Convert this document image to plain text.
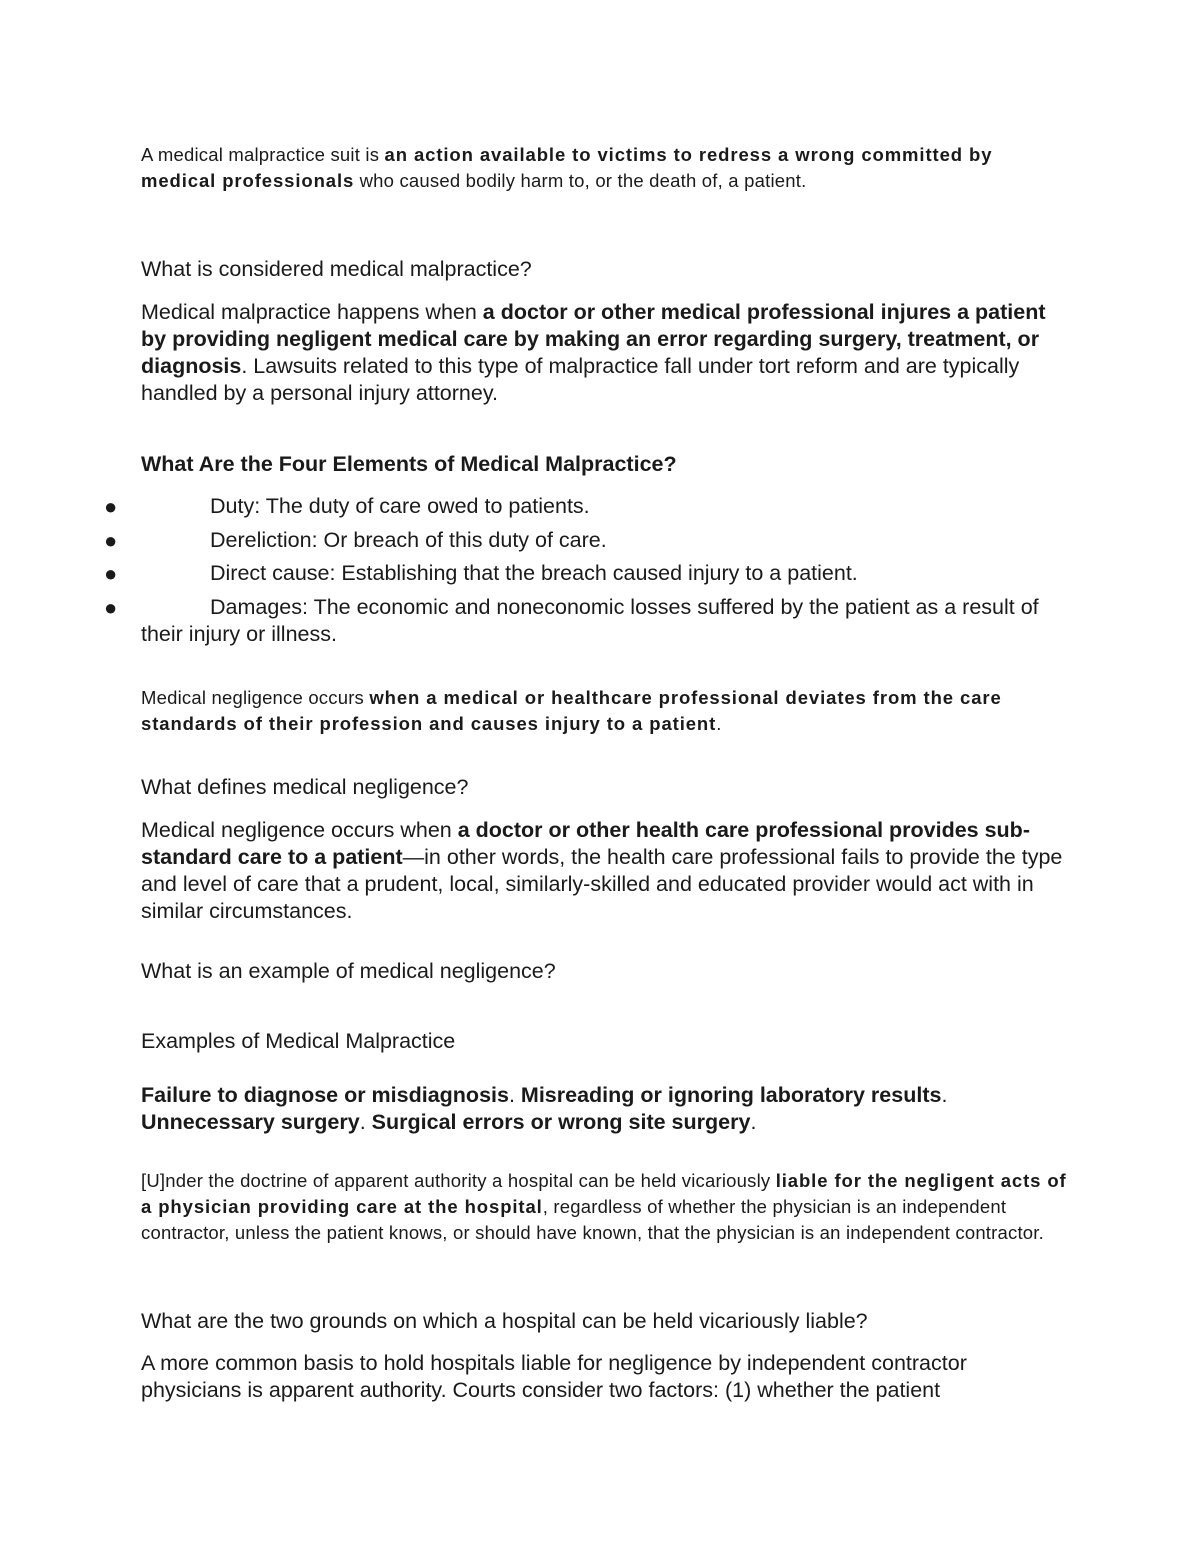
A medical malpractice suit is an action available to victims to redress a wrong committed by medical professionals who caused bodily harm to, or the death of, a patient.

What is considered medical malpractice?

Medical malpractice happens when a doctor or other medical professional injures a patient by providing negligent medical care by making an error regarding surgery, treatment, or diagnosis. Lawsuits related to this type of malpractice fall under tort reform and are typically handled by a personal injury attorney.

What Are the Four Elements of Medical Malpractice?

●	Duty: The duty of care owed to patients.
●	Dereliction: Or breach of this duty of care.
●	Direct cause: Establishing that the breach caused injury to a patient.
●	Damages: The economic and noneconomic losses suffered by the patient as a result of their injury or illness.

Medical negligence occurs when a medical or healthcare professional deviates from the care standards of their profession and causes injury to a patient.

What defines medical negligence?

Medical negligence occurs when a doctor or other health care professional provides sub-standard care to a patient—in other words, the health care professional fails to provide the type and level of care that a prudent, local, similarly-skilled and educated provider would act with in similar circumstances.

What is an example of medical negligence?

Examples of Medical Malpractice

Failure to diagnose or misdiagnosis. Misreading or ignoring laboratory results. Unnecessary surgery. Surgical errors or wrong site surgery.

[U]nder the doctrine of apparent authority a hospital can be held vicariously liable for the negligent acts of a physician providing care at the hospital, regardless of whether the physician is an independent contractor, unless the patient knows, or should have known, that the physician is an independent contractor.

What are the two grounds on which a hospital can be held vicariously liable?

A more common basis to hold hospitals liable for negligence by independent contractor physicians is apparent authority. Courts consider two factors: (1) whether the patient
